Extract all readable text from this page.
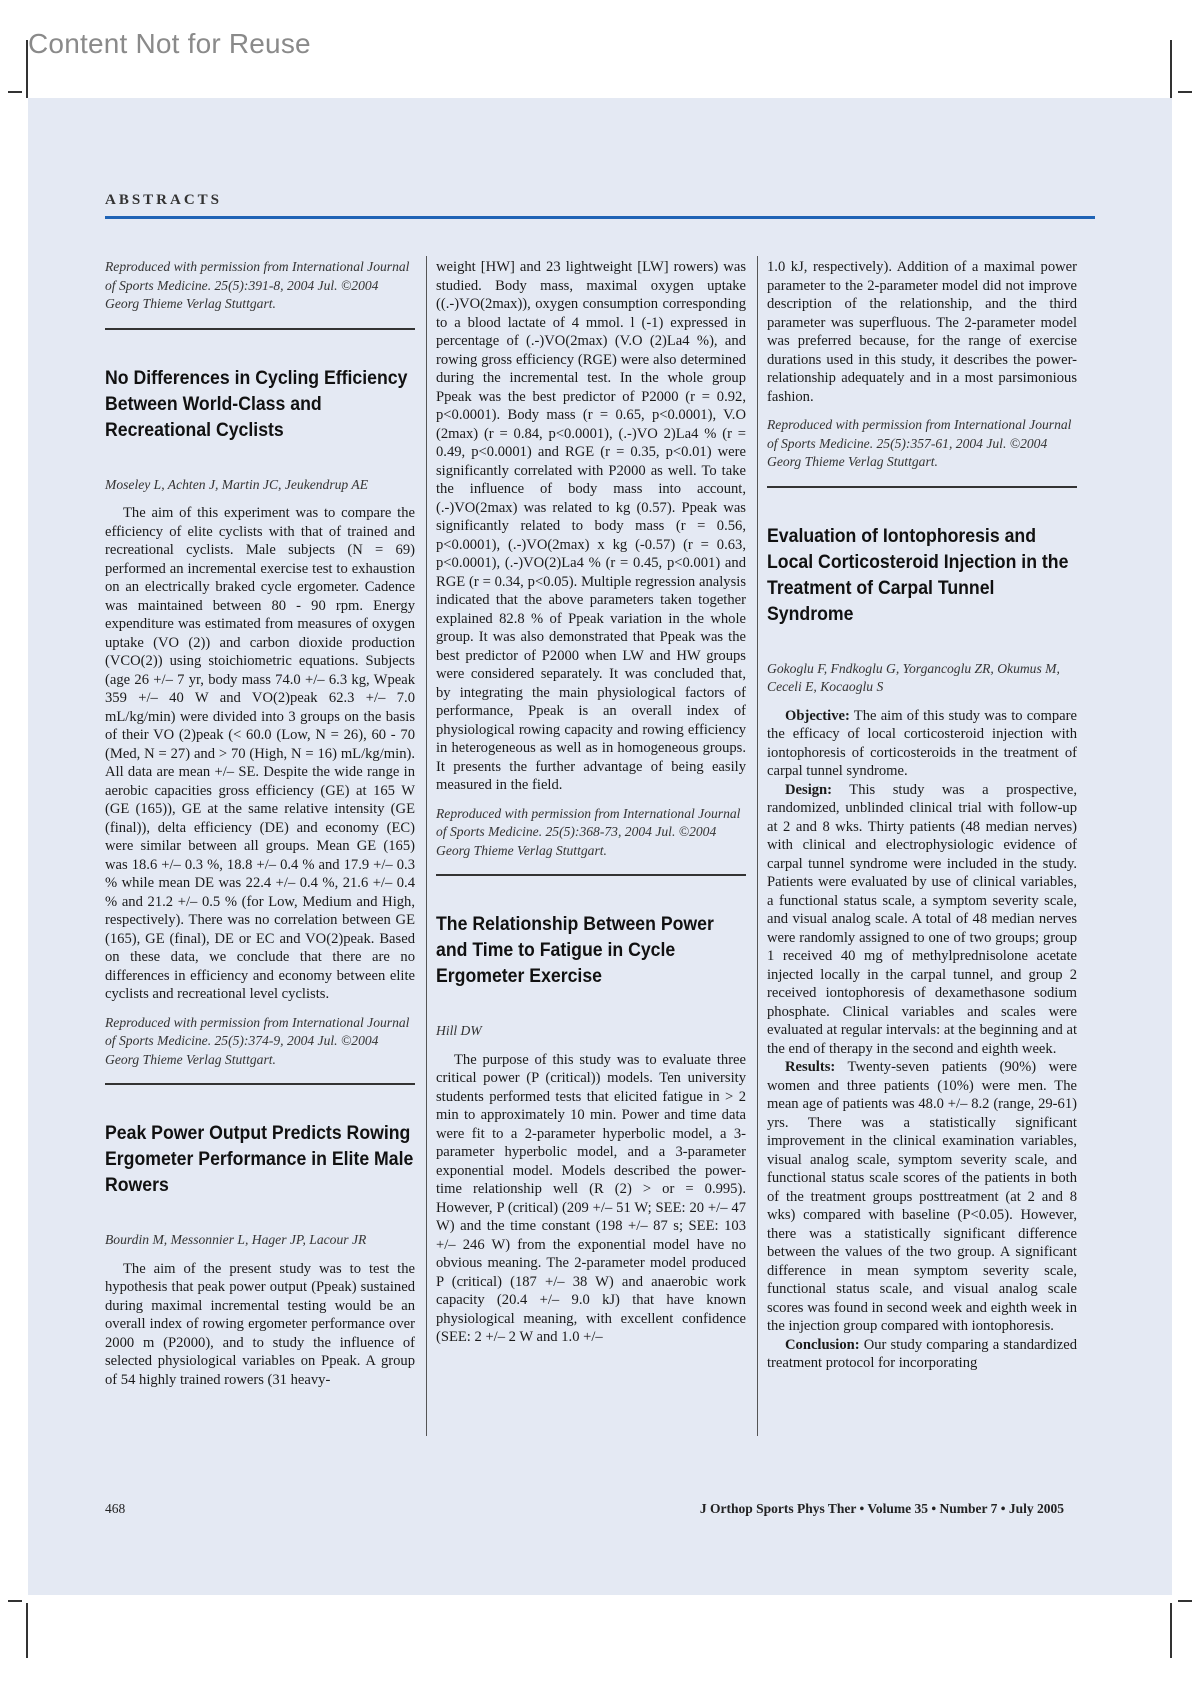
Content Not for Reuse
ABSTRACTS

Reproduced with permission from International Journal of Sports Medicine. 25(5):391-8, 2004 Jul. ©2004 Georg Thieme Verlag Stuttgart.

No Differences in Cycling Efficiency Between World-Class and Recreational Cyclists

Moseley L, Achten J, Martin JC, Jeukendrup AE

The aim of this experiment was to compare the efficiency of elite cyclists with that of trained and recreational cyclists. Male subjects (N = 69) performed an incremental exercise test to exhaustion on an electrically braked cycle ergometer. Cadence was maintained between 80 - 90 rpm. Energy expenditure was estimated from measures of oxygen uptake (VO (2)) and carbon dioxide production (VCO(2)) using stoichiometric equations. Subjects (age 26 +/– 7 yr, body mass 74.0 +/– 6.3 kg, Wpeak 359 +/– 40 W and VO(2)peak 62.3 +/– 7.0 mL/kg/min) were divided into 3 groups on the basis of their VO (2)peak (< 60.0 (Low, N = 26), 60 - 70 (Med, N = 27) and > 70 (High, N = 16) mL/kg/min). All data are mean +/– SE. Despite the wide range in aerobic capacities gross efficiency (GE) at 165 W (GE (165)), GE at the same relative intensity (GE (final)), delta efficiency (DE) and economy (EC) were similar between all groups. Mean GE (165) was 18.6 +/– 0.3 %, 18.8 +/– 0.4 % and 17.9 +/– 0.3 % while mean DE was 22.4 +/– 0.4 %, 21.6 +/– 0.4 % and 21.2 +/– 0.5 % (for Low, Medium and High, respectively). There was no correlation between GE (165), GE (final), DE or EC and VO(2)peak. Based on these data, we conclude that there are no differences in efficiency and economy between elite cyclists and recreational level cyclists.

Reproduced with permission from International Journal of Sports Medicine. 25(5):374-9, 2004 Jul. ©2004 Georg Thieme Verlag Stuttgart.

Peak Power Output Predicts Rowing Ergometer Performance in Elite Male Rowers

Bourdin M, Messonnier L, Hager JP, Lacour JR

The aim of the present study was to test the hypothesis that peak power output (Ppeak) sustained during maximal incremental testing would be an overall index of rowing ergometer performance over 2000 m (P2000), and to study the influence of selected physiological variables on Ppeak. A group of 54 highly trained rowers (31 heavy-

weight [HW] and 23 lightweight [LW] rowers) was studied. Body mass, maximal oxygen uptake ((.-)VO(2max)), oxygen consumption corresponding to a blood lactate of 4 mmol. l (-1) expressed in percentage of (.-)VO(2max) (V.O (2)La4 %), and rowing gross efficiency (RGE) were also determined during the incremental test. In the whole group Ppeak was the best predictor of P2000 (r = 0.92, p<0.0001). Body mass (r = 0.65, p<0.0001), V.O (2max) (r = 0.84, p<0.0001), (.-)VO 2)La4 % (r = 0.49, p<0.0001) and RGE (r = 0.35, p<0.01) were significantly correlated with P2000 as well. To take the influence of body mass into account, (.-)VO(2max) was related to kg (0.57). Ppeak was significantly related to body mass (r = 0.56, p<0.0001), (.-)VO(2max) x kg (-0.57) (r = 0.63, p<0.0001), (.-)VO(2)La4 % (r = 0.45, p<0.001) and RGE (r = 0.34, p<0.05). Multiple regression analysis indicated that the above parameters taken together explained 82.8 % of Ppeak variation in the whole group. It was also demonstrated that Ppeak was the best predictor of P2000 when LW and HW groups were considered separately. It was concluded that, by integrating the main physiological factors of performance, Ppeak is an overall index of physiological rowing capacity and rowing efficiency in heterogeneous as well as in homogeneous groups. It presents the further advantage of being easily measured in the field.

Reproduced with permission from International Journal of Sports Medicine. 25(5):368-73, 2004 Jul. ©2004 Georg Thieme Verlag Stuttgart.

The Relationship Between Power and Time to Fatigue in Cycle Ergometer Exercise

Hill DW

The purpose of this study was to evaluate three critical power (P (critical)) models. Ten university students performed tests that elicited fatigue in > 2 min to approximately 10 min. Power and time data were fit to a 2-parameter hyperbolic model, a 3-parameter hyperbolic model, and a 3-parameter exponential model. Models described the power-time relationship well (R (2) > or = 0.995). However, P (critical) (209 +/– 51 W; SEE: 20 +/– 47 W) and the time constant (198 +/– 87 s; SEE: 103 +/– 246 W) from the exponential model have no obvious meaning. The 2-parameter model produced P (critical) (187 +/– 38 W) and anaerobic work capacity (20.4 +/– 9.0 kJ) that have known physiological meaning, with excellent confidence (SEE: 2 +/– 2 W and 1.0 +/–

1.0 kJ, respectively). Addition of a maximal power parameter to the 2-parameter model did not improve description of the relationship, and the third parameter was superfluous. The 2-parameter model was preferred because, for the range of exercise durations used in this study, it describes the power-relationship adequately and in a most parsimonious fashion.

Reproduced with permission from International Journal of Sports Medicine. 25(5):357-61, 2004 Jul. ©2004 Georg Thieme Verlag Stuttgart.

Evaluation of Iontophoresis and Local Corticosteroid Injection in the Treatment of Carpal Tunnel Syndrome

Gokoglu F, Fndkoglu G, Yorgancoglu ZR, Okumus M, Ceceli E, Kocaoglu S

Objective: The aim of this study was to compare the efficacy of local corticosteroid injection with iontophoresis of corticosteroids in the treatment of carpal tunnel syndrome.

Design: This study was a prospective, randomized, unblinded clinical trial with follow-up at 2 and 8 wks. Thirty patients (48 median nerves) with clinical and electrophysiologic evidence of carpal tunnel syndrome were included in the study. Patients were evaluated by use of clinical variables, a functional status scale, a symptom severity scale, and visual analog scale. A total of 48 median nerves were randomly assigned to one of two groups; group 1 received 40 mg of methylprednisolone acetate injected locally in the carpal tunnel, and group 2 received iontophoresis of dexamethasone sodium phosphate. Clinical variables and scales were evaluated at regular intervals: at the beginning and at the end of therapy in the second and eighth week.

Results: Twenty-seven patients (90%) were women and three patients (10%) were men. The mean age of patients was 48.0 +/– 8.2 (range, 29-61) yrs. There was a statistically significant improvement in the clinical examination variables, visual analog scale, symptom severity scale, and functional status scale scores of the patients in both of the treatment groups posttreatment (at 2 and 8 wks) compared with baseline (P<0.05). However, there was a statistically significant difference between the values of the two group. A significant difference in mean symptom severity scale, functional status scale, and visual analog scale scores was found in second week and eighth week in the injection group compared with iontophoresis.

Conclusion: Our study comparing a standardized treatment protocol for incorporating

468	J Orthop Sports Phys Ther • Volume 35 • Number 7 • July 2005
